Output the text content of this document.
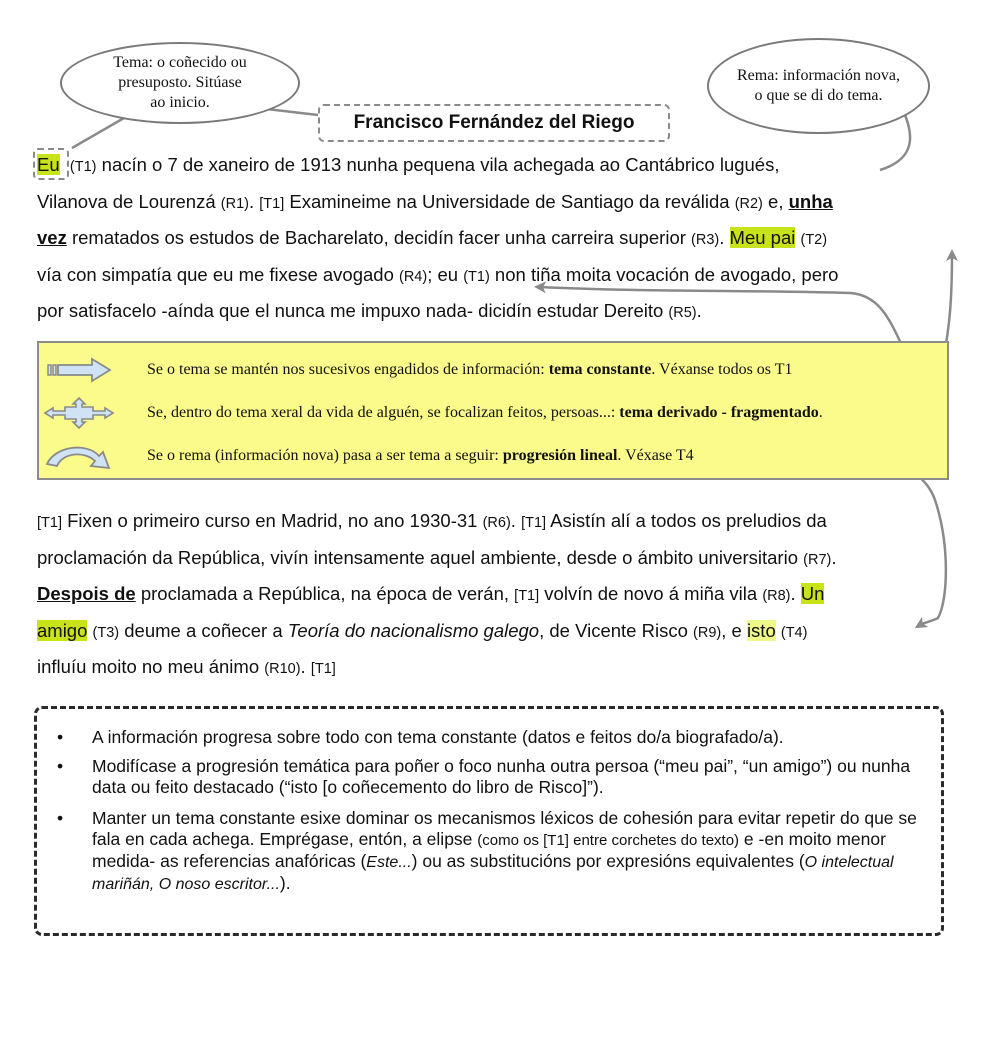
Tema: o coñecido ou
presuposto. Sitúase
ao inicio.
Rema: información nova,
o que se di do tema.
Francisco Fernández del Riego
Eu (T1) nacín o 7 de xaneiro de 1913 nunha pequena vila achegada ao Cantábrico lugués,
Vilanova de Lourenzá (R1). [T1] Examineime na Universidade de Santiago da reválida (R2) e, unha
vez rematados os estudos de Bacharelato, decidín facer unha carreira superior (R3). Meu pai (T2)
vía con simpatía que eu me fixese avogado (R4); eu (T1) non tiña moita vocación de avogado, pero
por satisfacelo -aínda que el nunca me impuxo nada- dicidín estudar Dereito (R5).
Se o tema se mantén nos sucesivos engadidos de información: tema constante. Véxanse todos os T1
Se, dentro do tema xeral da vida de alguén, se focalizan feitos, persoas...: tema derivado - fragmentado.
Se o rema (información nova) pasa a ser tema a seguir: progresión lineal. Véxase T4
[T1] Fixen o primeiro curso en Madrid, no ano 1930-31 (R6). [T1] Asistín alí a todos os preludios da
proclamación da República, vivín intensamente aquel ambiente, desde o ámbito universitario (R7).
Despois de proclamada a República, na época de verán, [T1] volvín de novo á miña vila (R8). Un
amigo (T3) deume a coñecer a Teoría do nacionalismo galego, de Vicente Risco (R9), e isto (T4)
influíu moito no meu ánimo (R10). [T1]
• A información progresa sobre todo con tema constante (datos e feitos do/a biografado/a).
• Modifícase a progresión temática para poñer o foco nunha outra persoa (“meu pai”, “un amigo”) ou nunha data ou feito destacado (“isto [o coñecemento do libro de Risco]”).
• Manter un tema constante esixe dominar os mecanismos léxicos de cohesión para evitar repetir do que se fala en cada achega. Emprégase, entón, a elipse (como os [T1] entre corchetes do texto) e -en moito menor medida- as referencias anafóricas (Este...) ou as substitucións por expresións equivalentes (O intelectual mariñán, O noso escritor...).
